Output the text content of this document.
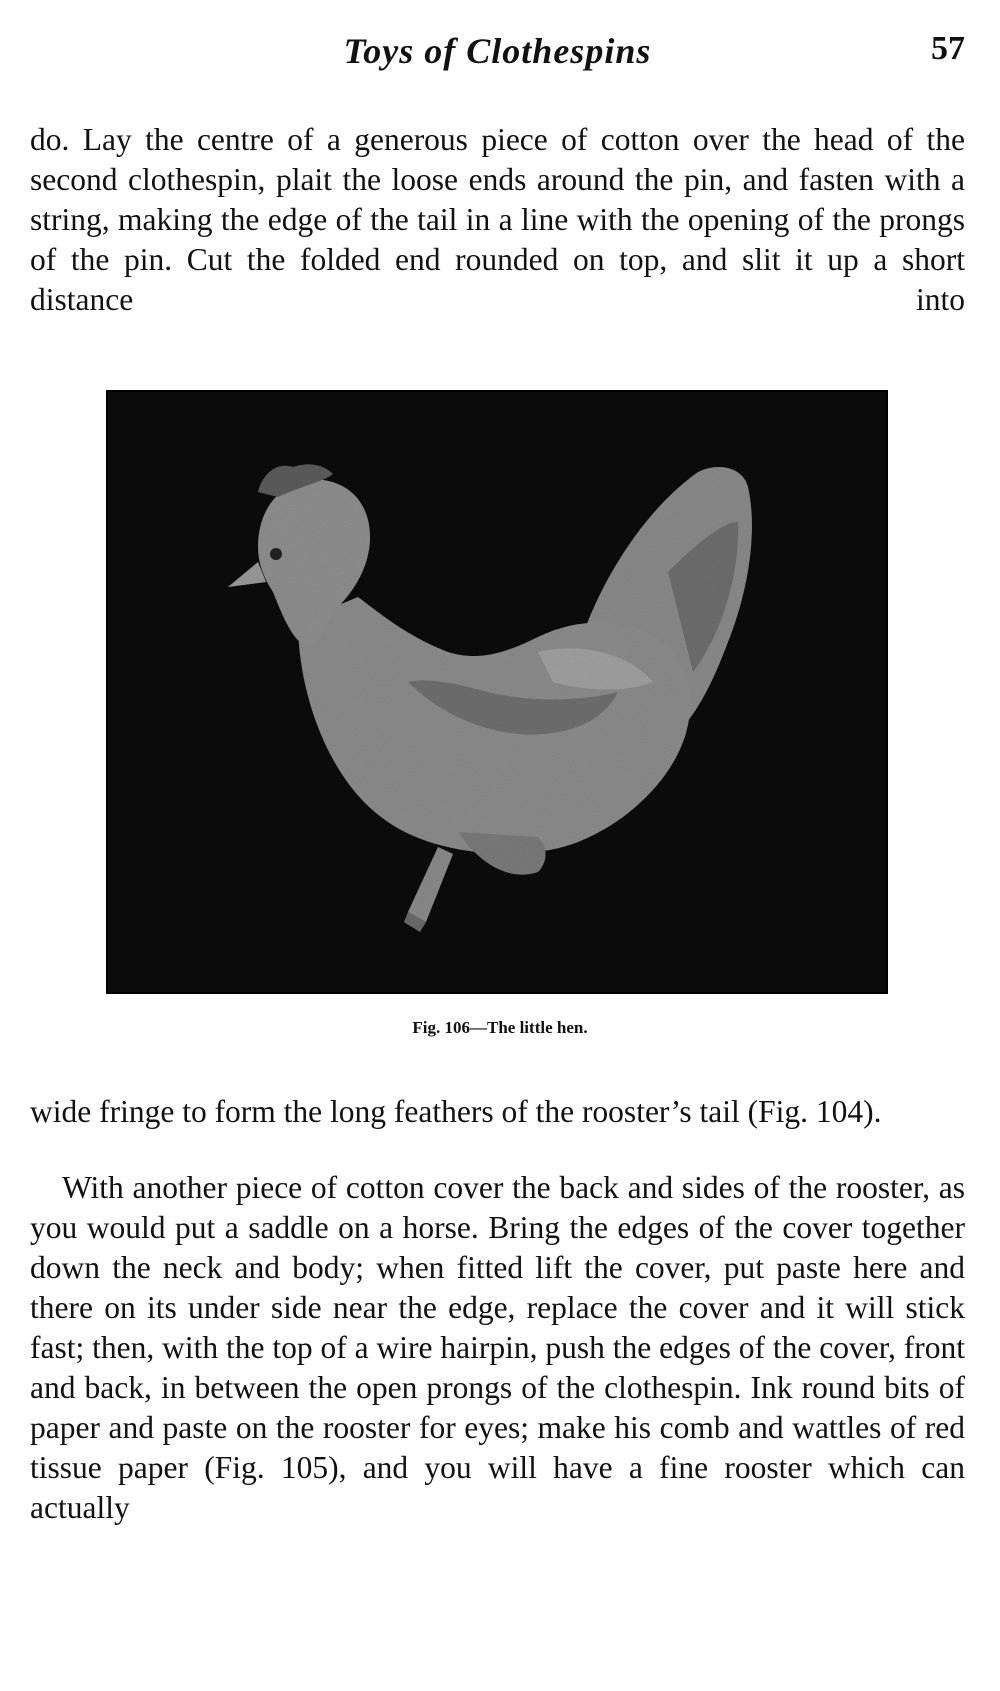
Toys of Clothespins	57

do. Lay the centre of a generous piece of cotton over the head of the second clothespin, plait the loose ends around the pin, and fasten with a string, making the edge of the tail in a line with the opening of the prongs of the pin. Cut the folded end rounded on top, and slit it up a short distance into

Fig. 106—The little hen.

wide fringe to form the long feathers of the rooster’s tail (Fig. 104).

With another piece of cotton cover the back and sides of the rooster, as you would put a saddle on a horse. Bring the edges of the cover together down the neck and body; when fitted lift the cover, put paste here and there on its under side near the edge, replace the cover and it will stick fast; then, with the top of a wire hairpin, push the edges of the cover, front and back, in between the open prongs of the clothespin. Ink round bits of paper and paste on the rooster for eyes; make his comb and wattles of red tissue paper (Fig. 105), and you will have a fine rooster which can actually
